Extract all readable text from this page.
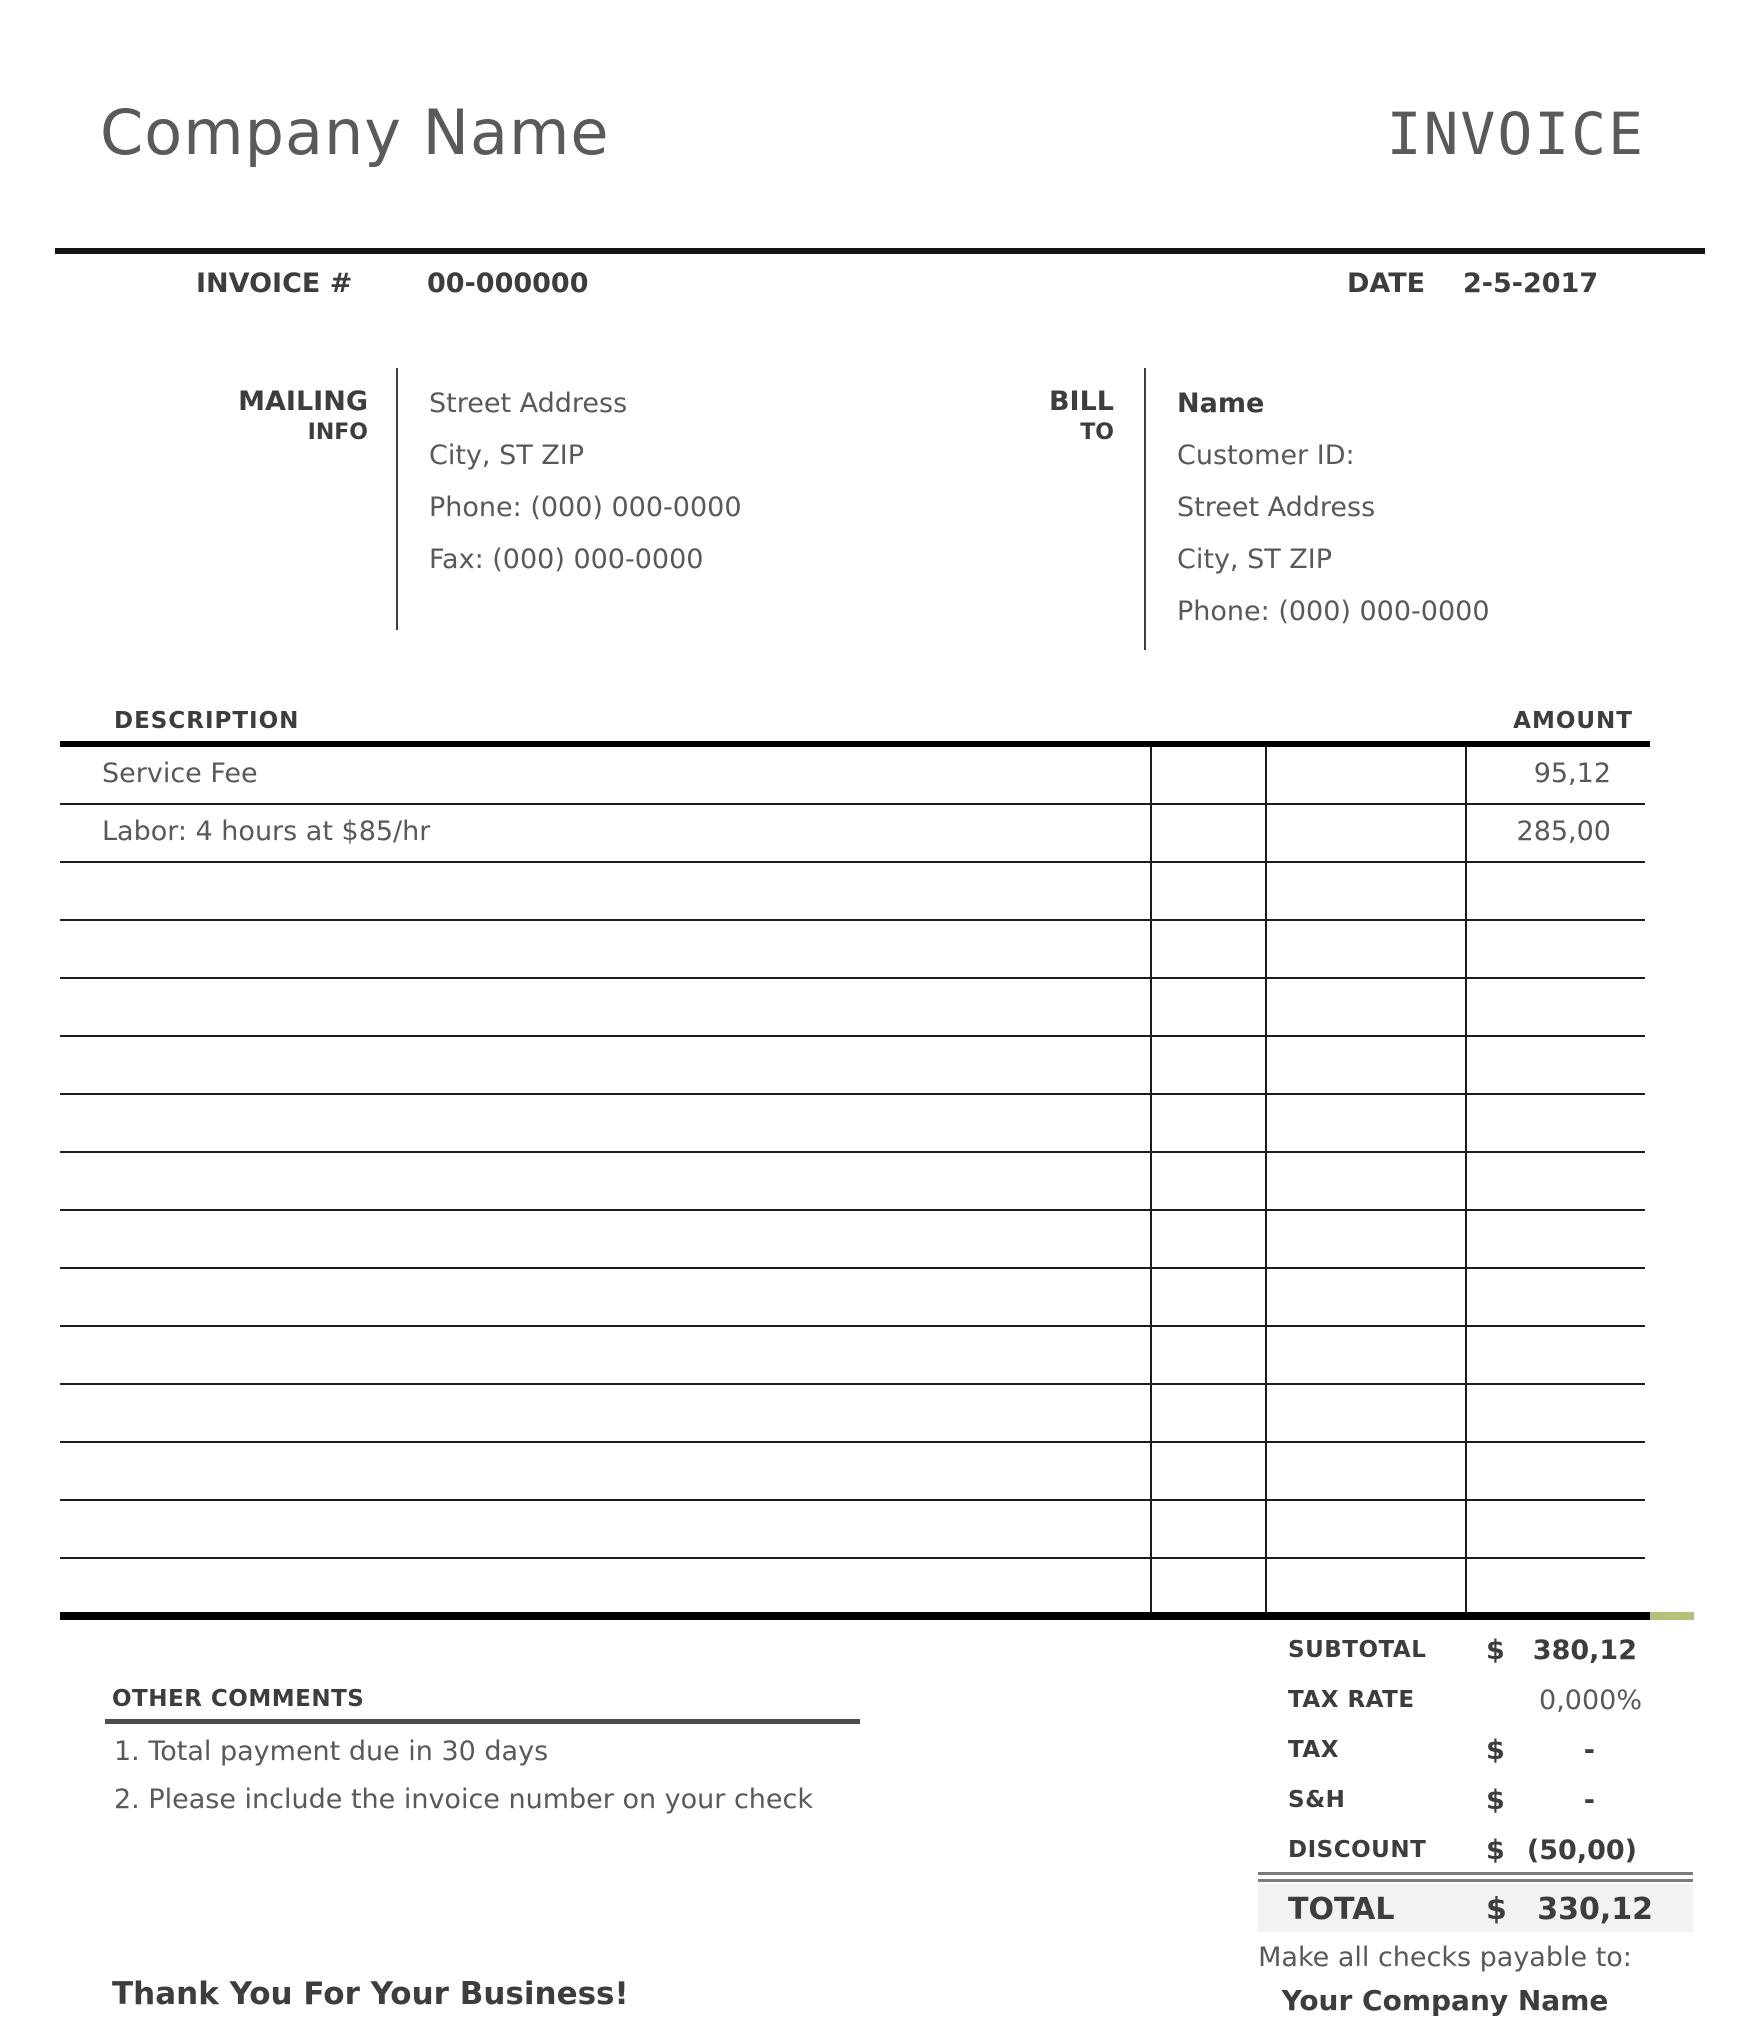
Company Name	INVOICE
INVOICE #	00-000000	DATE 2-5-2017
MAILING
INFO
Street Address
City, ST ZIP
Phone: (000) 000-0000
Fax: (000) 000-0000
BILL
TO
Name
Customer ID:
Street Address
City, ST ZIP
Phone: (000) 000-0000
DESCRIPTION	AMOUNT
Service Fee	95,12
Labor: 4 hours at $85/hr	285,00
SUBTOTAL $ 380,12
TAX RATE	0,000%
TAX	$	-
S&H	$	-
DISCOUNT $ (50,00)
TOTAL	$ 330,12
OTHER COMMENTS
1. Total payment due in 30 days
2. Please include the invoice number on your check
Thank You For Your Business!
Make all checks payable to:
Your Company Name
